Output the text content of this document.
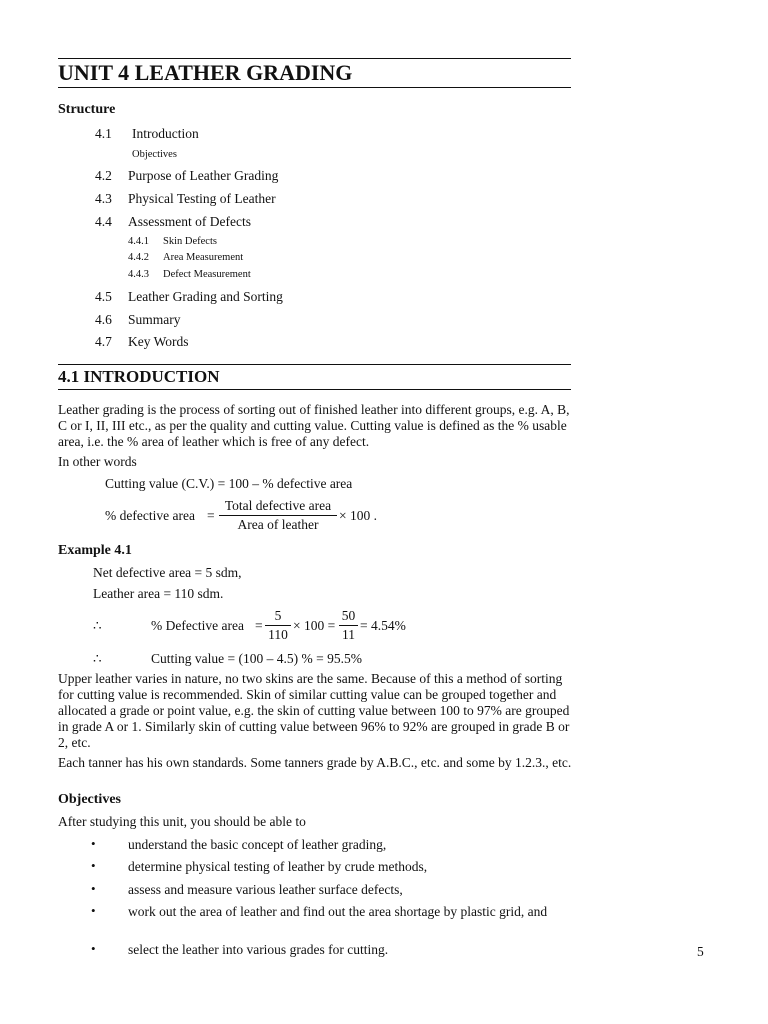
UNIT 4 LEATHER GRADING
Structure
4.1 Introduction
Objectives
4.2 Purpose of Leather Grading
4.3 Physical Testing of Leather
4.4 Assessment of Defects
4.4.1 Skin Defects
4.4.2 Area Measurement
4.4.3 Defect Measurement
4.5 Leather Grading and Sorting
4.6 Summary
4.7 Key Words
4.1 INTRODUCTION
Leather grading is the process of sorting out of finished leather into different groups, e.g. A, B, C or I, II, III etc., as per the quality and cutting value. Cutting value is defined as the % usable area, i.e. the % area of leather which is free of any defect.
In other words
Cutting value (C.V.) = 100 – % defective area
% defective area =
Total defective area
Area of leather
× 100 .
Example 4.1
Net defective area = 5 sdm,
Leather area = 110 sdm.
∴	% Defective area = $\frac{5}{110} \times 100 = \frac{50}{11} = 4.54\%$
∴	Cutting value = (100 – 4.5) % = 95.5%
Upper leather varies in nature, no two skins are the same. Because of this a method of sorting for cutting value is recommended. Skin of similar cutting value can be grouped together and allocated a grade or point value, e.g. the skin of cutting value between 100 to 97% are grouped in grade A or 1. Similarly skin of cutting value between 96% to 92% are grouped in grade B or 2, etc.
Each tanner has his own standards. Some tanners grade by A.B.C., etc. and some by 1.2.3., etc.
Objectives
After studying this unit, you should be able to
• understand the basic concept of leather grading,
• determine physical testing of leather by crude methods,
• assess and measure various leather surface defects,
• work out the area of leather and find out the area shortage by plastic grid, and
• select the leather into various grades for cutting.	5
